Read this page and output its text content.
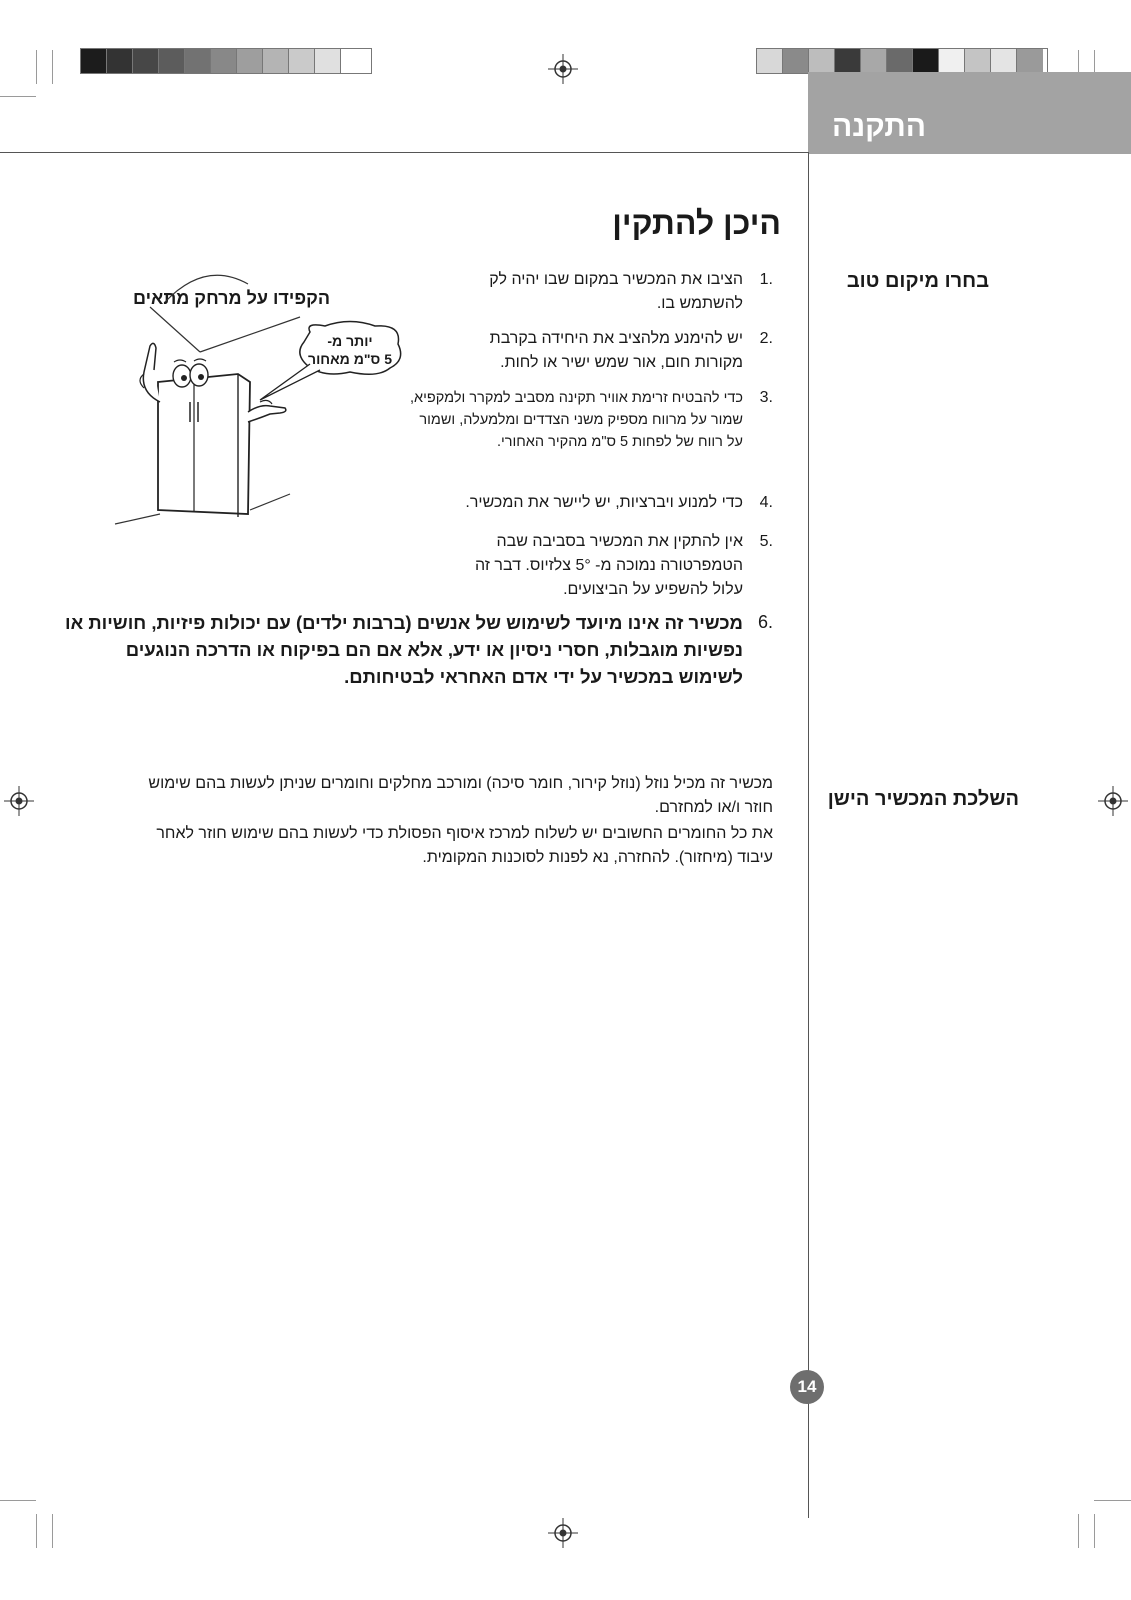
התקנה
היכן להתקין
בחרו מיקום טוב
השלכת המכשיר הישן
1.
הציבו את המכשיר במקום שבו יהיה לק להשתמש בו.
2.
יש להימנע מלהציב את היחידה בקרבת מקורות חום, אור שמש ישיר או לחות.
3.
כדי להבטיח זרימת אוויר תקינה מסביב למקרר ולמקפיא, שמור על מרווח מספיק משני הצדדים ומלמעלה, ושמור על רווח של לפחות 5 ס"מ מהקיר האחורי.
4.
כדי למנוע ויברציות, יש ליישר את המכשיר.
5.
אין להתקין את המכשיר בסביבה שבה הטמפרטורה נמוכה מ- 5° צלזיוס. דבר זה עלול להשפיע על הביצועים.
6.
מכשיר זה אינו מיועד לשימוש של אנשים (ברבות ילדים) עם יכולות פיזיות, חושיות או נפשיות מוגבלות, חסרי ניסיון או ידע, אלא אם הם בפיקוח או הדרכה הנוגעים לשימוש במכשיר על ידי אדם האחראי לבטיחותם.
הקפידו על מרחק מתאים
יותר מ-
5 ס"מ מאחור
מכשיר זה מכיל נוזל (נוזל קירור, חומר סיכה) ומורכב מחלקים וחומרים שניתן לעשות בהם שימוש חוזר ו/או למחזרם.
את כל החומרים החשובים יש לשלוח למרכז איסוף הפסולת כדי לעשות בהם שימוש חוזר לאחר עיבוד (מיחזור). להחזרה, נא לפנות לסוכנות המקומית.
14
